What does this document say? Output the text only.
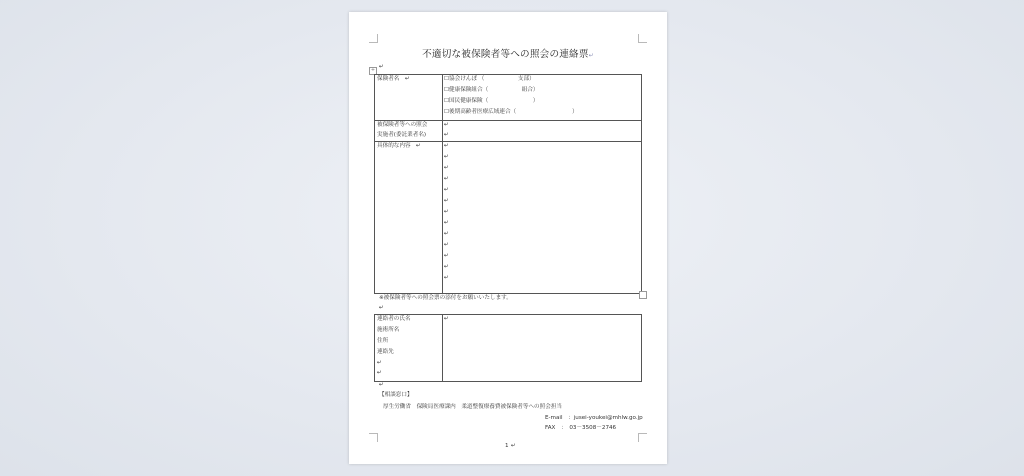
不適切な被保険者等への照会の連絡票↵
↵
+
保険者名 ↵	☐協会けんぽ （　　　　　　支部）
☐健康保険組合（　　　　　　組合）
☐国民健康保険（　　　　　　　　）
☐後期高齢者医療広域連合（　　　　　　　　　　）
被保険者等への照会
実施者(委託業者名)
↵
↵
具体的な内容 ↵	↵
↵
↵
↵
↵
↵
↵
↵
↵
↵
↵
↵
↵
※被保険者等への照会票の添付をお願いいたします。
↵
連絡者の氏名
施術所名
住所
連絡先
↵
↵
↵
↵
【相談窓口】
厚生労働省　保険局医療課内　柔道整復療養費被保険者等への照会担当
E-mail　：jusei-youkei@mhlw.go.jp
FAX　：　03－3508－2746
1 ↵
